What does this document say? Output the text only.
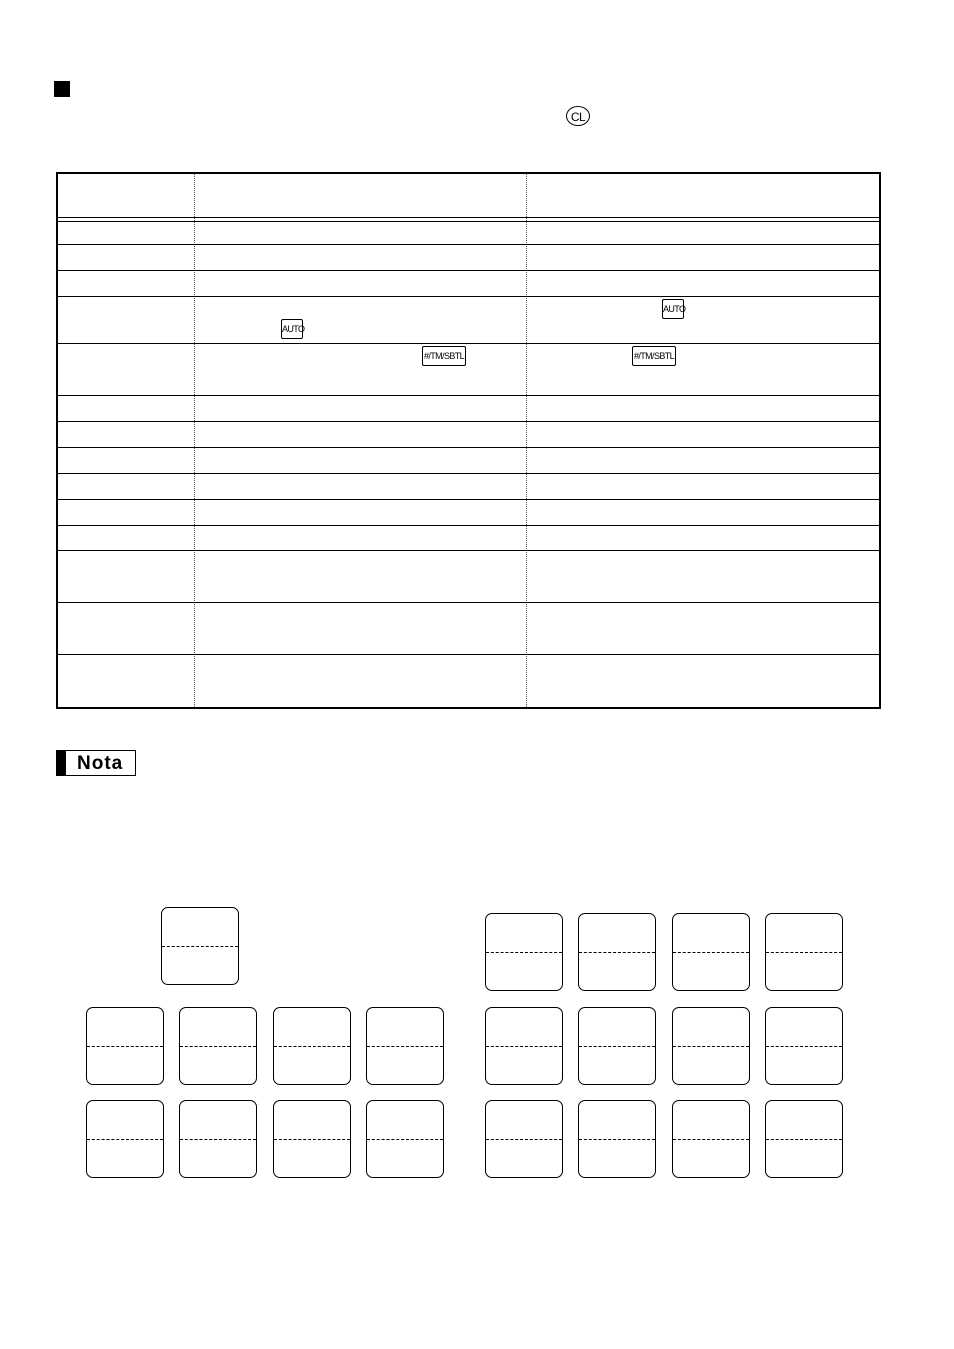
CL
AUTO
AUTO
#/TM/SBTL	#/TM/SBTL
Nota
